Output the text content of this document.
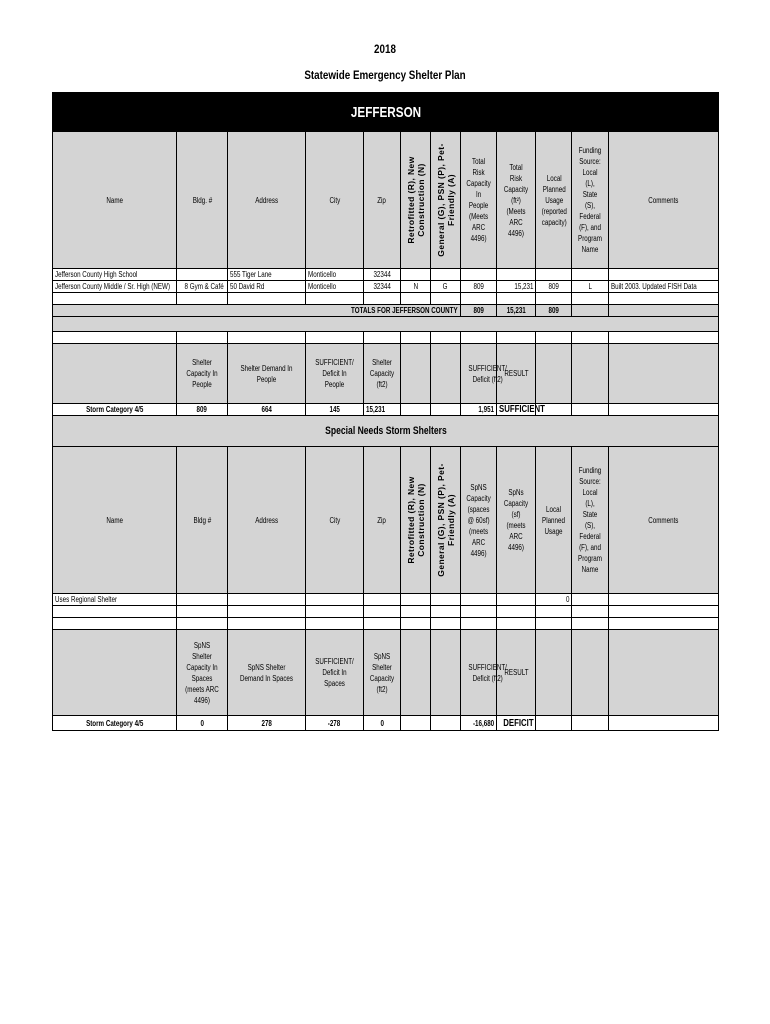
2018
Statewide Emergency Shelter Plan
JEFFERSON											
Name	Bldg. #	Address	City	Zip	Retrofitted (R), New Construction (N)	General (G), PSN (P), Pet-Friendly (A)	Total Risk Capacity In People (Meets ARC 4496)	Total Risk Capacity (ft²) (Meets ARC 4496)	Local Planned Usage (reported capacity)	Funding Source: Local (L), State (S), Federal (F), and Program Name	Comments
Jefferson County High School		555 Tiger Lane	Monticello	32344							
Jefferson County Middle / Sr. High (NEW)	8 Gym & Café	50 David Rd	Monticello	32344	N	G	809	15,231	809	L	Built 2003. Updated FISH Data

TOTALS FOR JEFFERSON COUNTY							809	15,231	809		

	Shelter Capacity In People	Shelter Demand In People	SUFFICIENT/ Deficit In People	Shelter Capacity (ft2)			SUFFICIENT/ Deficit (ft2)	RESULT			
Storm Category 4/5	809	664	145	15,231			1,951	SUFFICIENT			
Special Needs Storm Shelters											
Name	Bldg #	Address	City	Zip	Retrofitted (R), New Construction (N)	General (G), PSN (P), Pet-Friendly (A)	SpNS Capacity (spaces @ 60sf) (meets ARC 4496)	SpNs Capacity (sf) (meets ARC 4496)	Local Planned Usage	Funding Source: Local (L), State (S), Federal (F), and Program Name	Comments
Uses Regional Shelter									0		

	SpNS Shelter Capacity In Spaces (meets ARC 4496)	SpNS Shelter Demand In Spaces	SUFFICIENT/ Deficit In Spaces	SpNS Shelter Capacity (ft2)			SUFFICIENT/ Deficit (ft2)	RESULT			
Storm Category 4/5	0	278	-278	0			-16,680	DEFICIT			
